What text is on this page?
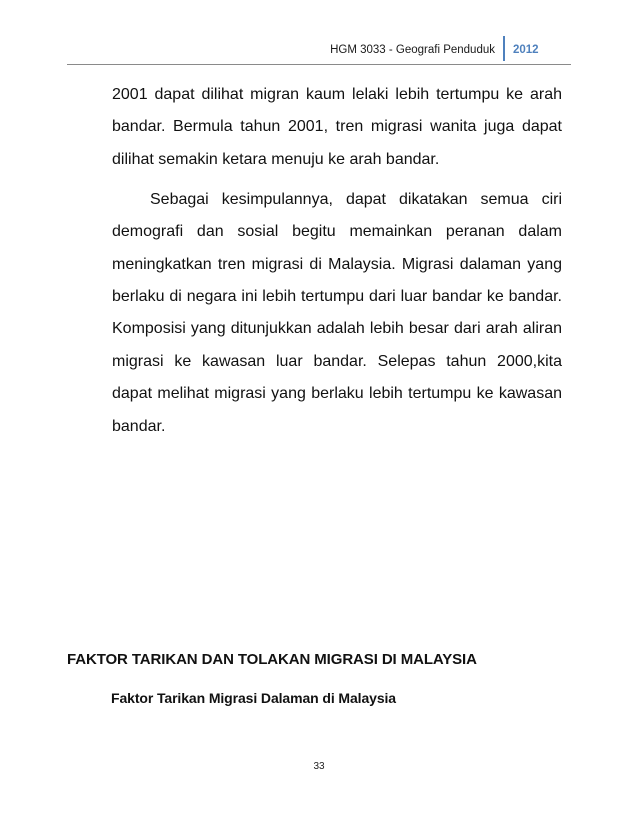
HGM 3033 - Geografi Penduduk 2012

2001 dapat dilihat migran kaum lelaki lebih tertumpu ke arah bandar. Bermula tahun 2001, tren migrasi wanita juga dapat dilihat semakin ketara menuju ke arah bandar.

Sebagai kesimpulannya, dapat dikatakan semua ciri demografi dan sosial begitu memainkan peranan dalam meningkatkan tren migrasi di Malaysia. Migrasi dalaman yang berlaku di negara ini lebih tertumpu dari luar bandar ke bandar. Komposisi yang ditunjukkan adalah lebih besar dari arah aliran migrasi ke kawasan luar bandar. Selepas tahun 2000,kita dapat melihat migrasi yang berlaku lebih tertumpu ke kawasan bandar.

FAKTOR TARIKAN DAN TOLAKAN MIGRASI DI MALAYSIA
Faktor Tarikan Migrasi Dalaman di Malaysia
33
